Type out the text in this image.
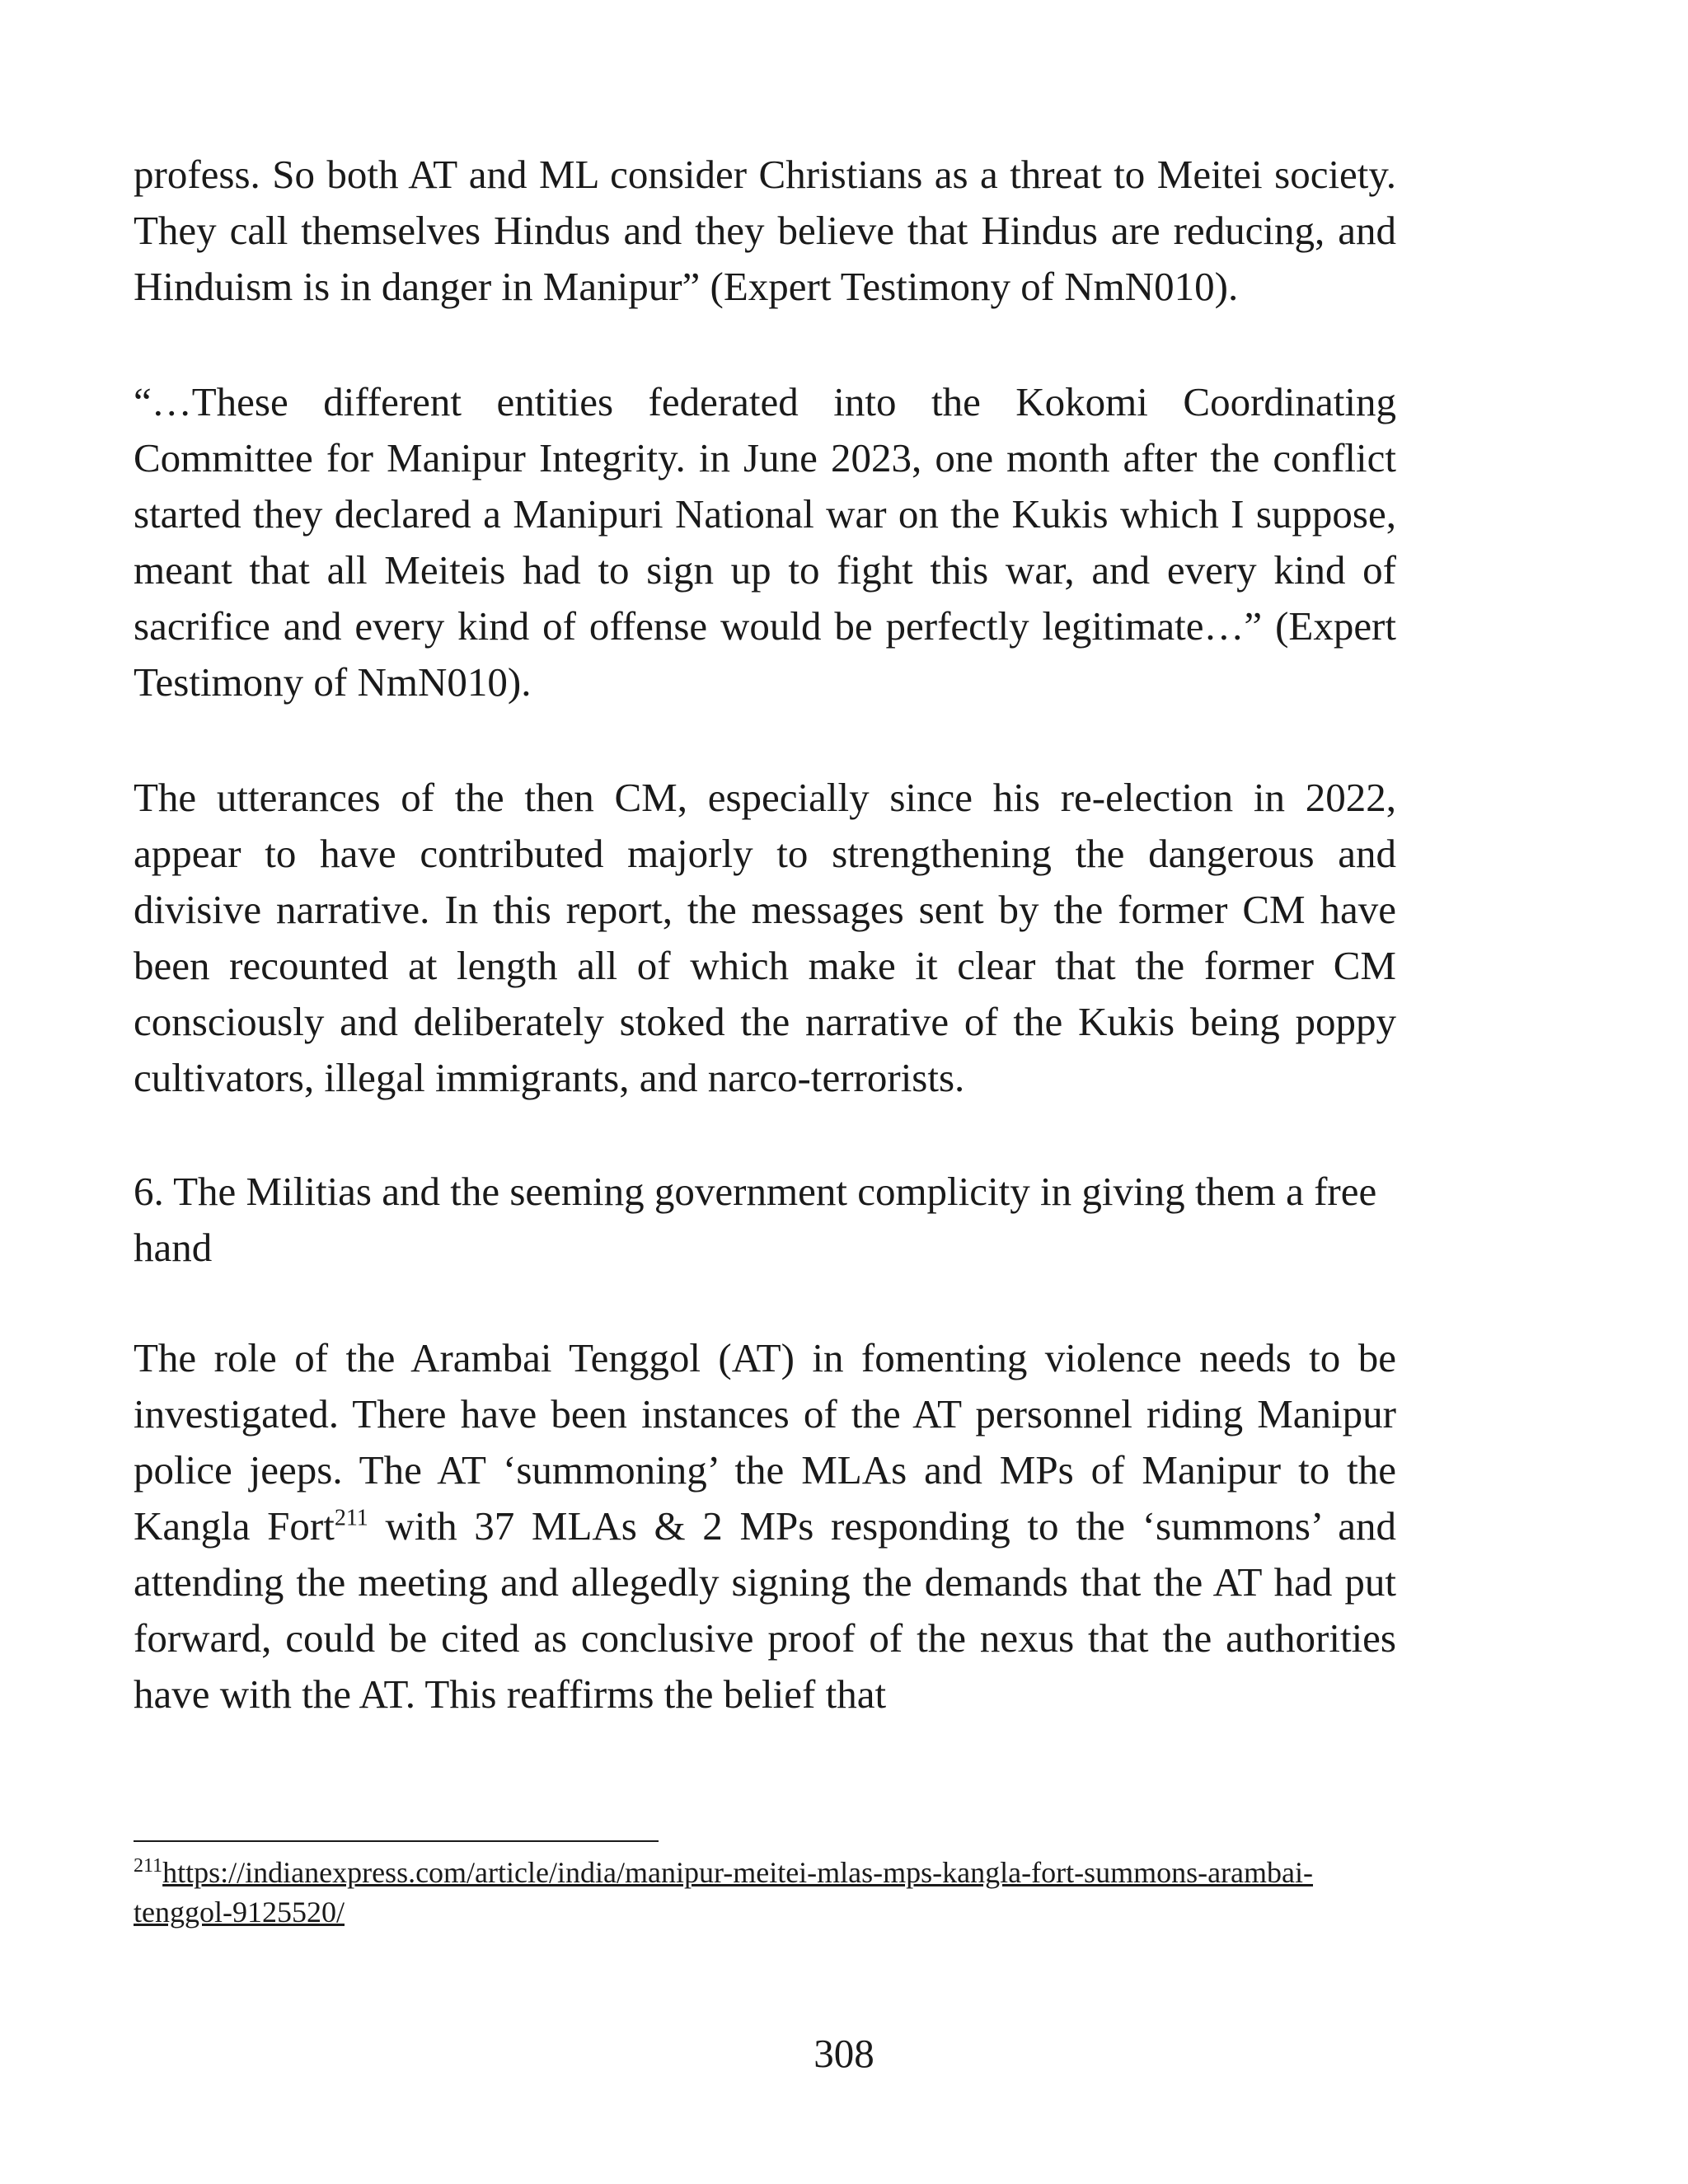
profess. So both AT and ML consider Christians as a threat to Meitei society. They call themselves Hindus and they believe that Hindus are reducing, and Hinduism is in danger in Manipur” (Expert Testimony of NmN010).

“…These different entities federated into the Kokomi Coordinating Committee for Manipur Integrity. in June 2023, one month after the conflict started they declared a Manipuri National war on the Kukis which I suppose, meant that all Meiteis had to sign up to fight this war, and every kind of sacrifice and every kind of offense would be perfectly legitimate…” (Expert Testimony of NmN010).

The utterances of the then CM, especially since his re-election in 2022, appear to have contributed majorly to strengthening the dangerous and divisive narrative. In this report, the messages sent by the former CM have been recounted at length all of which make it clear that the former CM consciously and deliberately stoked the narrative of the Kukis being poppy cultivators, illegal immigrants, and narco-terrorists.

6. The Militias and the seeming government complicity in giving them a free hand

The role of the Arambai Tenggol (AT) in fomenting violence needs to be investigated. There have been instances of the AT personnel riding Manipur police jeeps. The AT ‘summoning’ the MLAs and MPs of Manipur to the Kangla Fort$^{211}$ with 37 MLAs & 2 MPs responding to the ‘summons’ and attending the meeting and allegedly signing the demands that the AT had put forward, could be cited as conclusive proof of the nexus that the authorities have with the AT. This reaffirms the belief that

$^{211}$https://indianexpress.com/article/india/manipur-meitei-mlas-mps-kangla-fort-summons-arambai-tenggol-9125520/
308
